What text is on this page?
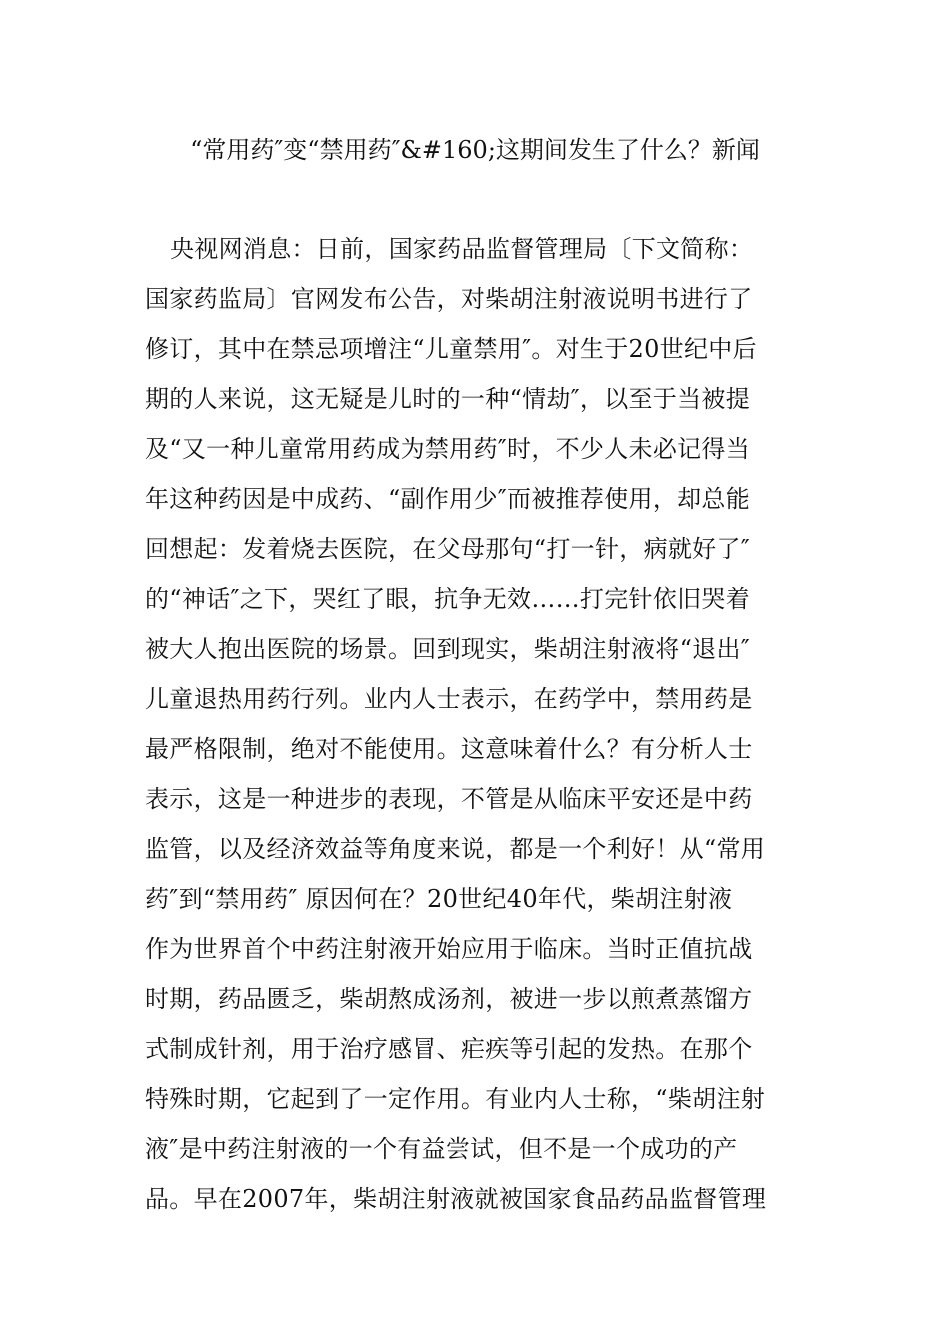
“常用药″变“禁用药″&#160;这期间发生了什么？新闻
央视网消息：日前，国家药品监督管理局〔下文简称：
国家药监局〕官网发布公告，对柴胡注射液说明书进行了
修订，其中在禁忌项增注“儿童禁用″。对生于20世纪中后
期的人来说，这无疑是儿时的一种“情劫″，以至于当被提
及“又一种儿童常用药成为禁用药″时，不少人未必记得当
年这种药因是中成药、“副作用少″而被推荐使用，却总能
回想起：发着烧去医院，在父母那句“打一针，病就好了″
的“神话″之下，哭红了眼，抗争无效……打完针依旧哭着
被大人抱出医院的场景。回到现实，柴胡注射液将“退出″
儿童退热用药行列。业内人士表示，在药学中，禁用药是
最严格限制，绝对不能使用。这意味着什么？有分析人士
表示，这是一种进步的表现，不管是从临床平安还是中药
监管，以及经济效益等角度来说，都是一个利好！从“常用
药″到“禁用药″ 原因何在？20世纪40年代，柴胡注射液
作为世界首个中药注射液开始应用于临床。当时正值抗战
时期，药品匮乏，柴胡熬成汤剂，被进一步以煎煮蒸馏方
式制成针剂，用于治疗感冒、疟疾等引起的发热。在那个
特殊时期，它起到了一定作用。有业内人士称，“柴胡注射
液″是中药注射液的一个有益尝试，但不是一个成功的产
品。早在2007年，柴胡注射液就被国家食品药品监督管理
